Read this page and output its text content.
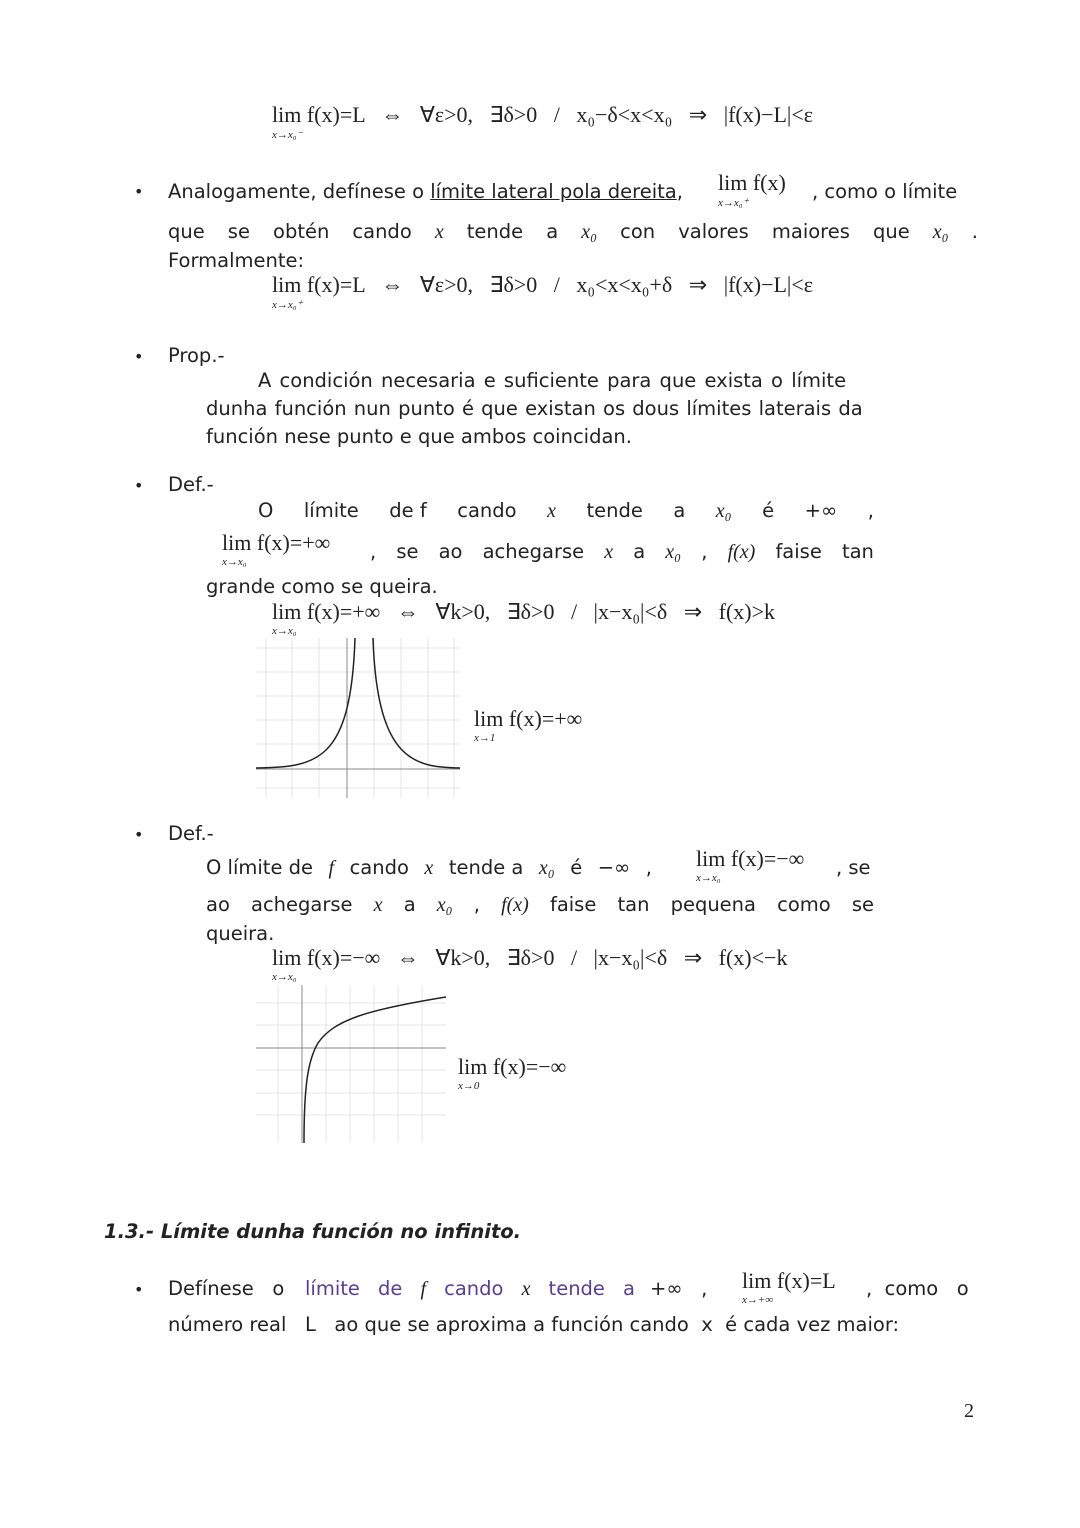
lim f(x)=L   ⇔   ∀ε>0,   ∃δ>0   /   x₀−δ<x<x₀   ⇒   |f(x)−L|<ε
x→x₀⁻
• Analogamente, defínese o límite lateral pola dereita, lim f(x)
x→x₀⁺	, como o límite
que se obtén cando x tende a x₀ con valores maiores que x₀ .
Formalmente:
lim f(x)=L   ⇔   ∀ε>0,   ∃δ>0   /   x₀<x<x₀+δ   ⇒   |f(x)−L|<ε
x→x₀⁺
• Prop.-
A condición necesaria e suficiente para que exista o límite
dunha función nun punto é que existan os dous límites laterais da
función nese punto e que ambos coincidan.
• Def.-
O límite de f cando x tende a x₀ é +∞ ,
lim f(x)=+∞
x→x₀	, se ao achegarse x a x₀ , f(x) faise tan
grande como se queira.
lim f(x)=+∞   ⇔   ∀k>0,   ∃δ>0   /   |x−x₀|<δ   ⇒   f(x)>k
x→x₀
lim f(x)=+∞
x→1
• Def.-
O límite de f cando x tende a x₀ é −∞ , lim f(x)=−∞
x→x₀	, se
ao achegarse x a x₀ , f(x) faise tan pequena como se
queira.
lim f(x)=−∞   ⇔   ∀k>0,   ∃δ>0   /   |x−x₀|<δ   ⇒   f(x)<−k
x→x₀
lim f(x)=−∞
x→0
1.3.- Límite dunha función no infinito.
• Defínese   o límite de f cando x tende a +∞   , lim f(x)=L
x→+∞	,  como   o
número real   L   ao que se aproxima a función cando  x  é cada vez maior:
2
